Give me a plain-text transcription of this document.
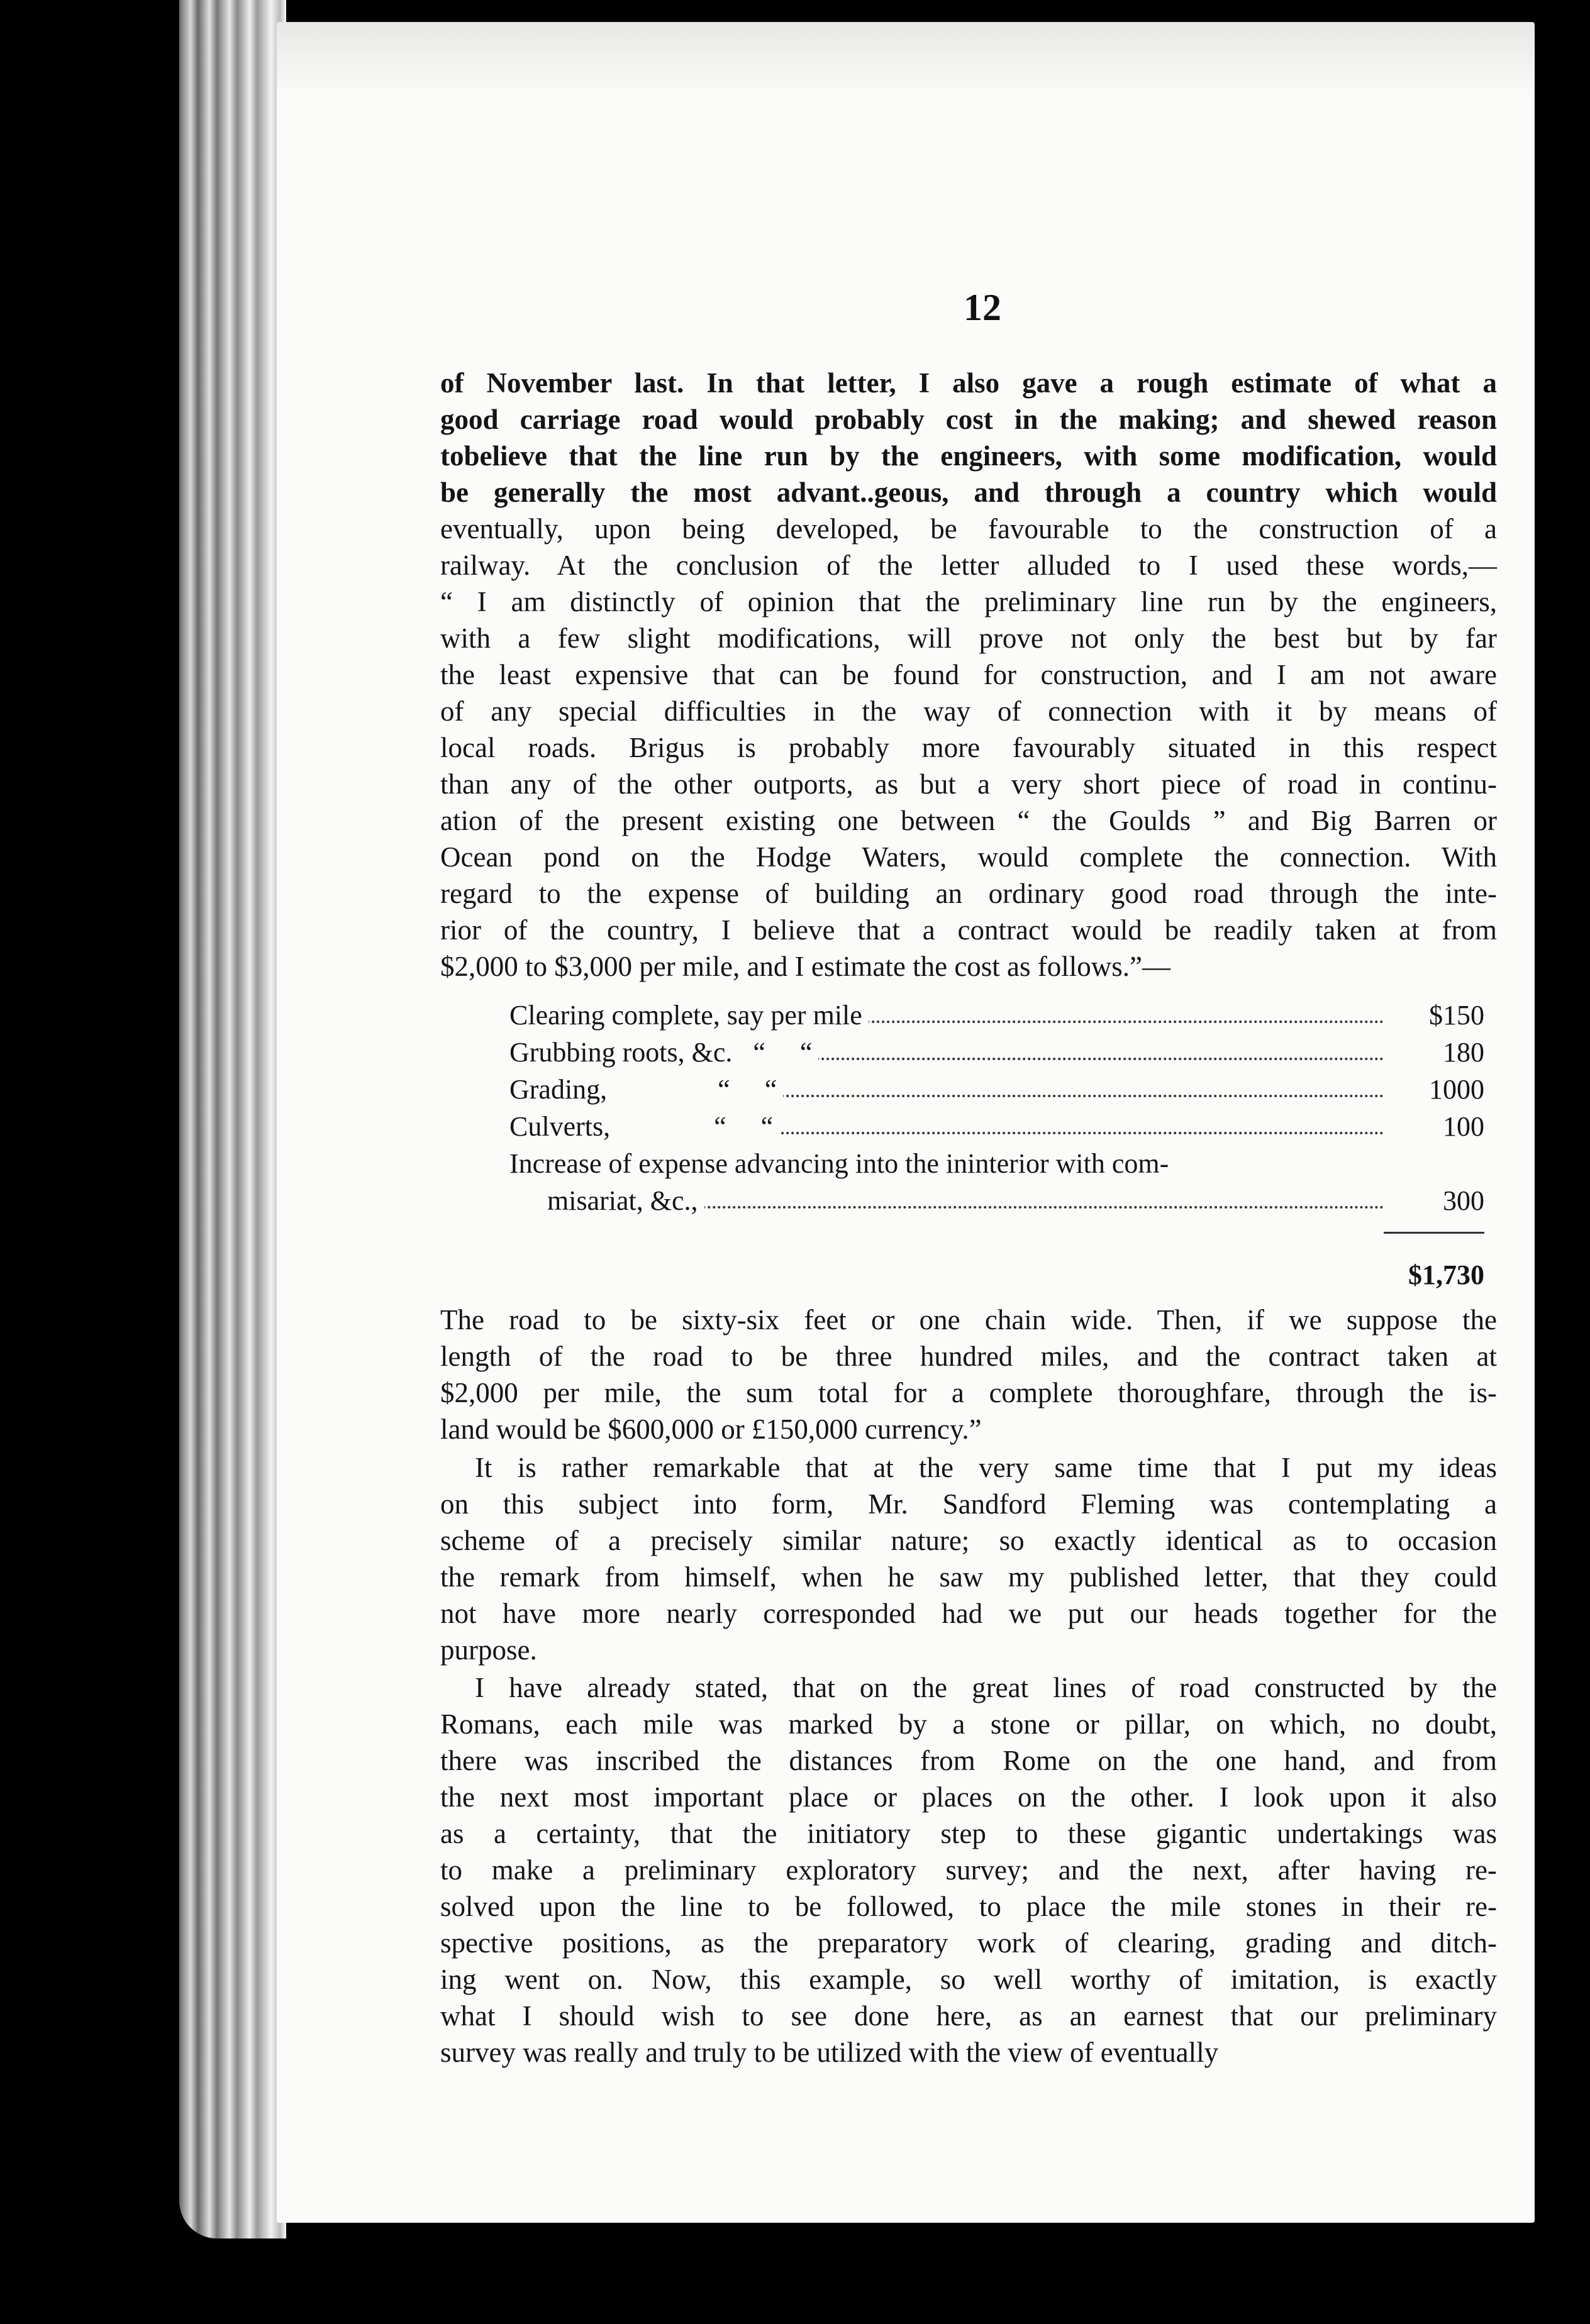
12
of November last. In that letter, I also gave a rough estimate of what a
good carriage road would probably cost in the making; and shewed reason
tobelieve that the line run by the engineers, with some modification, would
be generally the most advant..geous, and through a country which would
eventually, upon being developed, be favourable to the construction of a
railway. At the conclusion of the letter alluded to I used these words,—
“ I am distinctly of opinion that the preliminary line run by the engineers,
with a few slight modifications, will prove not only the best but by far
the least expensive that can be found for construction, and I am not aware
of any special difficulties in the way of connection with it by means of
local roads. Brigus is probably more favourably situated in this respect
than any of the other outports, as but a very short piece of road in continu-
ation of the present existing one between “ the Goulds ” and Big Barren or
Ocean pond on the Hodge Waters, would complete the connection. With
regard to the expense of building an ordinary good road through the inte-
rior of the country, I believe that a contract would be readily taken at from
$2,000 to $3,000 per mile, and I estimate the cost as follows.”—
Clearing complete, say per mile	$150
Grubbing roots, &c.   “     “	180
Grading,                “     “	1000
Culverts,               “     “	100
Increase of expense advancing into the ininterior with com-
misariat, &c.,	300
$1,730
The road to be sixty-six feet or one chain wide. Then, if we suppose the
length of the road to be three hundred miles, and the contract taken at
$2,000 per mile, the sum total for a complete thoroughfare, through the is-
land would be $600,000 or £150,000 currency.”
It is rather remarkable that at the very same time that I put my ideas
on this subject into form, Mr. Sandford Fleming was contemplating a
scheme of a precisely similar nature; so exactly identical as to occasion
the remark from himself, when he saw my published letter, that they could
not have more nearly corresponded had we put our heads together for the
purpose.
I have already stated, that on the great lines of road constructed by the
Romans, each mile was marked by a stone or pillar, on which, no doubt,
there was inscribed the distances from Rome on the one hand, and from
the next most important place or places on the other. I look upon it also
as a certainty, that the initiatory step to these gigantic undertakings was
to make a preliminary exploratory survey; and the next, after having re-
solved upon the line to be followed, to place the mile stones in their re-
spective positions, as the preparatory work of clearing, grading and ditch-
ing went on. Now, this example, so well worthy of imitation, is exactly
what I should wish to see done here, as an earnest that our preliminary
survey was really and truly to be utilized with the view of eventually
